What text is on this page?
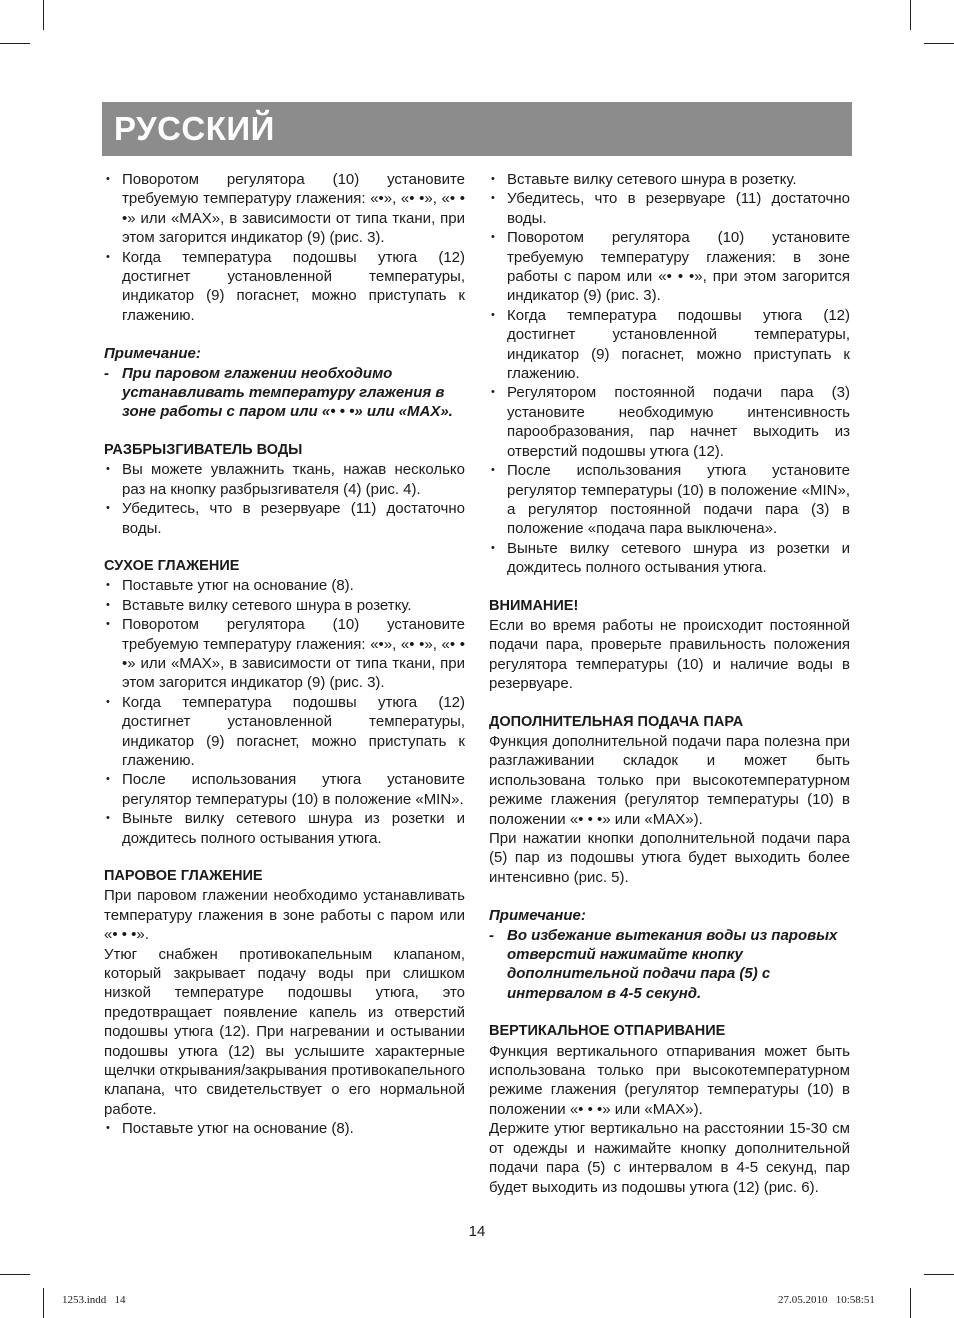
РУССКИЙ
• Поворотом регулятора (10) установите требуемую температуру глажения: «•», «• •», «• • •» или «MAX», в зависимости от типа ткани, при этом загорится индикатор (9) (рис. 3).
• Когда температура подошвы утюга (12) достигнет установленной температуры, индикатор (9) погаснет, можно приступать к глажению.

Примечание:

- При паровом глажении необходимо устанавливать температуру глажения в зоне работы с паром или «• • •» или «MAX».

РАЗБРЫЗГИВАТЕЛЬ ВОДЫ

• Вы можете увлажнить ткань, нажав несколько раз на кнопку разбрызгивателя (4) (рис. 4).
• Убедитесь, что в резервуаре (11) достаточно воды.

СУХОЕ ГЛАЖЕНИЕ

• Поставьте утюг на основание (8).
• Вставьте вилку сетевого шнура в розетку.
• Поворотом регулятора (10) установите требуемую температуру глажения: «•», «• •», «• • •» или «MAX», в зависимости от типа ткани, при этом загорится индикатор (9) (рис. 3).
• Когда температура подошвы утюга (12) достигнет установленной температуры, индикатор (9) погаснет, можно приступать к глажению.
• После использования утюга установите регулятор температуры (10) в положение «MIN».
• Выньте вилку сетевого шнура из розетки и дождитесь полного остывания утюга.

ПАРОВОЕ ГЛАЖЕНИЕ

При паровом глажении необходимо устанавливать температуру глажения в зоне работы с паром или «• • •».

Утюг снабжен противокапельным клапаном, который закрывает подачу воды при слишком низкой температуре подошвы утюга, это предотвращает появление капель из отверстий подошвы утюга (12). При нагревании и остывании подошвы утюга (12) вы услышите характерные щелчки открывания/закрывания противокапельного клапана, что свидетельствует о его нормальной работе.

• Поставьте утюг на основание (8).
• Вставьте вилку сетевого шнура в розетку.
• Убедитесь, что в резервуаре (11) достаточно воды.
• Поворотом регулятора (10) установите требуемую температуру глажения: в зоне работы с паром или «• • •», при этом загорится индикатор (9) (рис. 3).
• Когда температура подошвы утюга (12) достигнет установленной температуры, индикатор (9) погаснет, можно приступать к глажению.
• Регулятором постоянной подачи пара (3) установите необходимую интенсивность парообразования, пар начнет выходить из отверстий подошвы утюга (12).
• После использования утюга установите регулятор температуры (10) в положение «MIN», а регулятор постоянной подачи пара (3) в положение «подача пара выключена».
• Выньте вилку сетевого шнура из розетки и дождитесь полного остывания утюга.

ВНИМАНИЕ!

Если во время работы не происходит постоянной подачи пара, проверьте правильность положения регулятора температуры (10) и наличие воды в резервуаре.

ДОПОЛНИТЕЛЬНАЯ ПОДАЧА ПАРА

Функция дополнительной подачи пара полезна при разглаживании складок и может быть использована только при высокотемпературном режиме глажения (регулятор температуры (10) в положении «• • •» или «MAX»).

При нажатии кнопки дополнительной подачи пара (5) пар из подошвы утюга будет выходить более интенсивно (рис. 5).

Примечание:

- Во избежание вытекания воды из паровых отверстий нажимайте кнопку дополнительной подачи пара (5) с интервалом в 4-5 секунд.

ВЕРТИКАЛЬНОЕ ОТПАРИВАНИЕ

Функция вертикального отпаривания может быть использована только при высокотемпературном режиме глажения (регулятор температуры (10) в положении «• • •» или «MAX»).

Держите утюг вертикально на расстоянии 15-30 см от одежды и нажимайте кнопку дополнительной подачи пара (5) с интервалом в 4-5 секунд, пар будет выходить из подошвы утюга (12) (рис. 6).

14
1253.indd   14	27.05.2010   10:58:51
